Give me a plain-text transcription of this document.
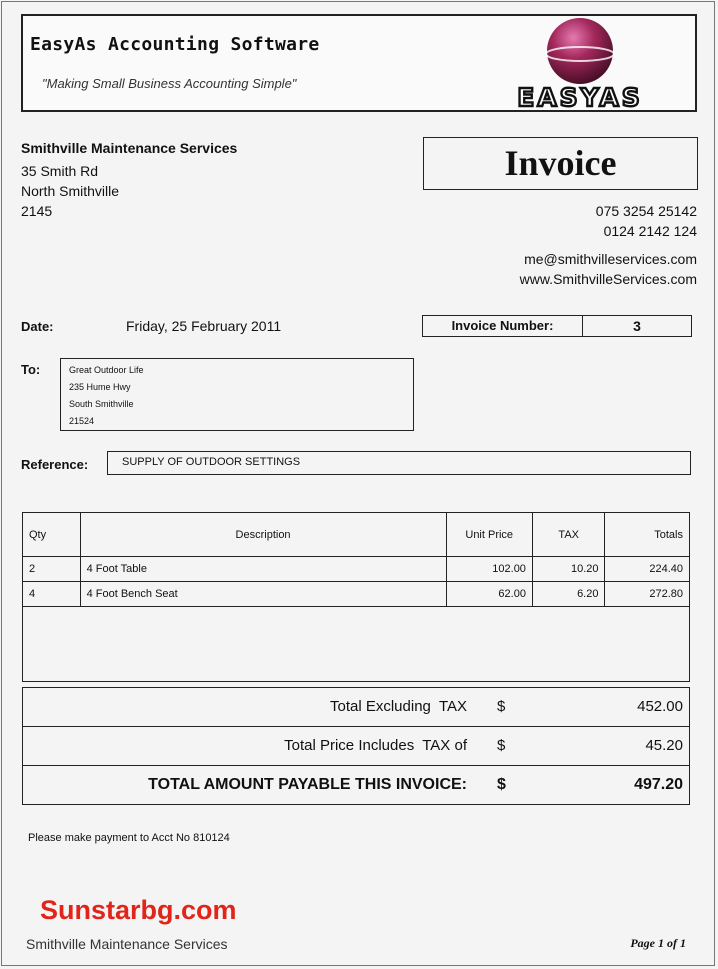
EasyAs Accounting Software
"Making Small Business Accounting Simple"	EASYAS
Smithville Maintenance Services
35 Smith Rd
North Smithville
2145
Invoice
075 3254 25142
0124 2142 124
me@smithvilleservices.com
www.SmithvilleServices.com
Date:	Friday, 25 February 2011	Invoice Number:	3
To:	Great Outdoor Life
235 Hume Hwy
South Smithville
21524
Reference:	SUPPLY OF OUTDOOR SETTINGS
Qty	Description	Unit Price	TAX	Totals
2	4 Foot Table	102.00	10.20	224.40
4	4 Foot Bench Seat	62.00	6.20	272.80

Total Excluding  TAX $	452.00
Total Price Includes  TAX of $	45.20
TOTAL AMOUNT PAYABLE THIS INVOICE: $	497.20
Please make payment to Acct No 810124
Sunstarbg.com
Smithville Maintenance Services	Page 1 of 1
